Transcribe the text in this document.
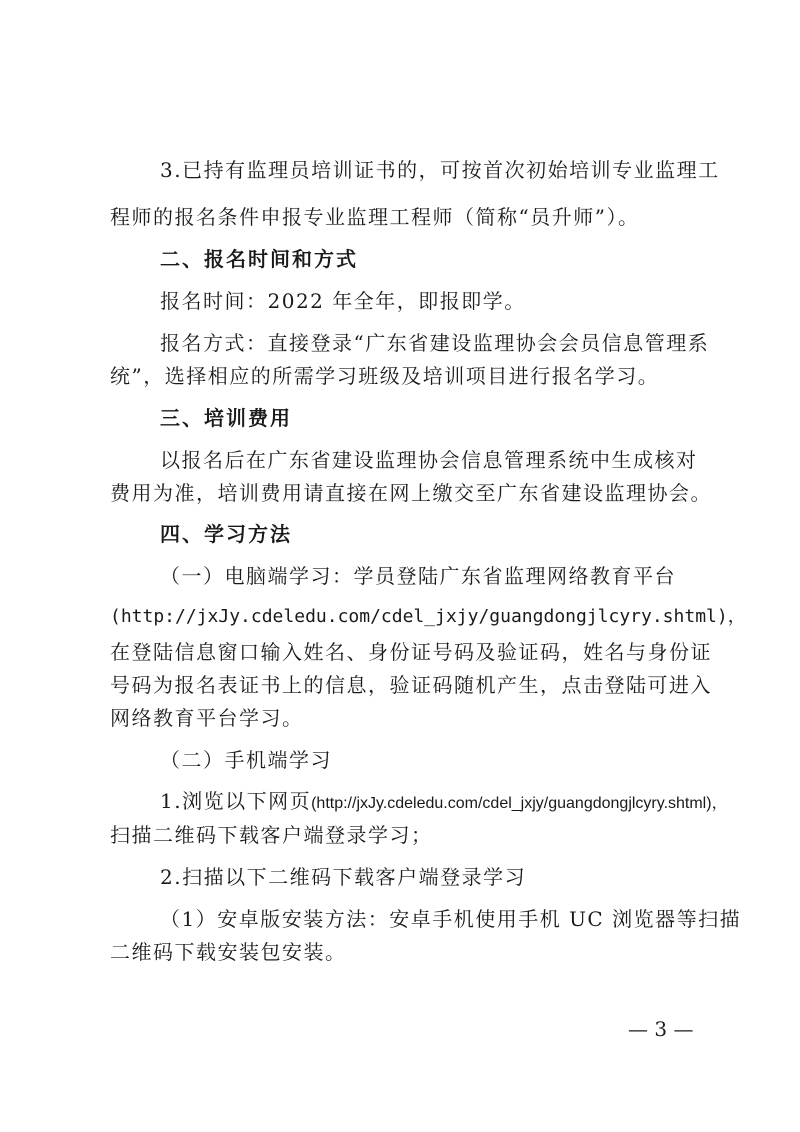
3.已持有监理员培训证书的，可按首次初始培训专业监理工
程师的报名条件申报专业监理工程师（简称“员升师”）。
二、报名时间和方式
报名时间：2022 年全年，即报即学。
报名方式：直接登录“广东省建设监理协会会员信息管理系
统”，选择相应的所需学习班级及培训项目进行报名学习。
三、培训费用
以报名后在广东省建设监理协会信息管理系统中生成核对
费用为准，培训费用请直接在网上缴交至广东省建设监理协会。
四、学习方法
（一）电脑端学习：学员登陆广东省监理网络教育平台
(http://jxJy.cdeledu.com/cdel_jxjy/guangdongjlcyry.shtml)，
在登陆信息窗口输入姓名、身份证号码及验证码，姓名与身份证
号码为报名表证书上的信息，验证码随机产生，点击登陆可进入
网络教育平台学习。
（二）手机端学习
1.浏览以下网页(http://jxJy.cdeledu.com/cdel_jxjy/guangdongjlcyry.shtml)，
扫描二维码下载客户端登录学习；
2.扫描以下二维码下载客户端登录学习
（1）安卓版安装方法：安卓手机使用手机 UC 浏览器等扫描
二维码下载安装包安装。
— 3 —
